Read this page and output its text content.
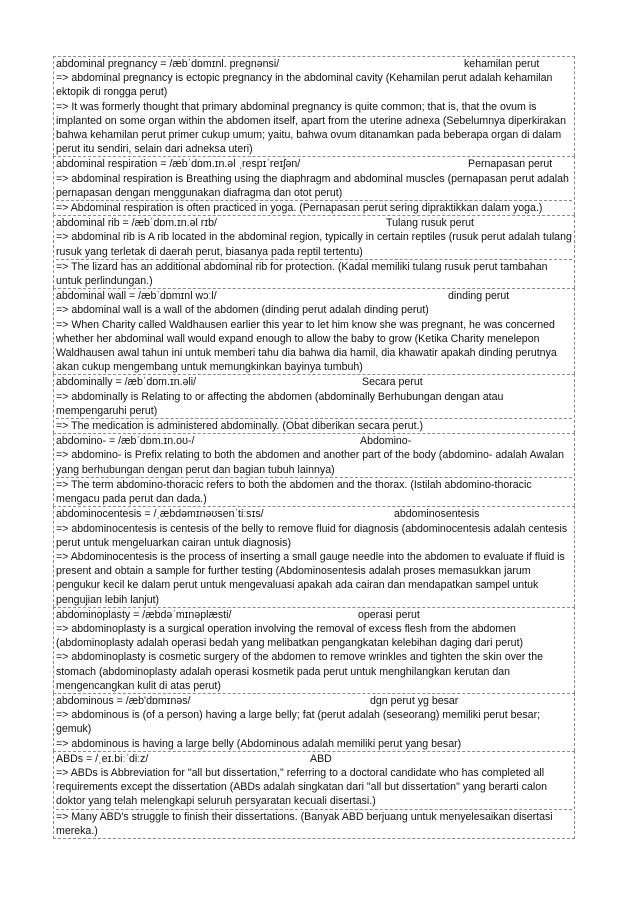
abdominal pregnancy = /æbˈdɒmɪnl. pregnənsi/	kehamilan perut
=> abdominal pregnancy is ectopic pregnancy in the abdominal cavity (Kehamilan perut adalah kehamilan ektopik di rongga perut)
=> It was formerly thought that primary abdominal pregnancy is quite common; that is, that the ovum is implanted on some organ within the abdomen itself, apart from the uterine adnexa (Sebelumnya diperkirakan bahwa kehamilan perut primer cukup umum; yaitu, bahwa ovum ditanamkan pada beberapa organ di dalam perut itu sendiri, selain dari adneksa uteri)
abdominal respiration = /æbˈdɒm.ɪn.əl ˌrespɪˈreɪʃən/	Pernapasan perut
=> abdominal respiration is Breathing using the diaphragm and abdominal muscles (pernapasan perut adalah pernapasan dengan menggunakan diafragma dan otot perut)
=> Abdominal respiration is often practiced in yoga. (Pernapasan perut sering dipraktikkan dalam yoga.)
abdominal rib = /æbˈdɒm.ɪn.əl rɪb/	Tulang rusuk perut
=> abdominal rib is A rib located in the abdominal region, typically in certain reptiles (rusuk perut adalah tulang rusuk yang terletak di daerah perut, biasanya pada reptil tertentu)
=> The lizard has an additional abdominal rib for protection. (Kadal memiliki tulang rusuk perut tambahan untuk perlindungan.)
abdominal wall = /æbˈdɒmɪnl wɔːl/	dinding perut
=> abdominal wall is a wall of the abdomen (dinding perut adalah dinding perut)
=> When Charity called Waldhausen earlier this year to let him know she was pregnant, he was concerned whether her abdominal wall would expand enough to allow the baby to grow (Ketika Charity menelepon Waldhausen awal tahun ini untuk memberi tahu dia bahwa dia hamil, dia khawatir apakah dinding perutnya akan cukup mengembang untuk memungkinkan bayinya tumbuh)
abdominally = /æbˈdɒm.ɪn.əli/	Secara perut
=> abdominally is Relating to or affecting the abdomen (abdominally Berhubungan dengan atau mempengaruhi perut)
=> The medication is administered abdominally. (Obat diberikan secara perut.)
abdomino- = /æbˈdɒm.ɪn.oʊ-/	Abdomino-
=> abdomino- is Prefix relating to both the abdomen and another part of the body (abdomino- adalah Awalan yang berhubungan dengan perut dan bagian tubuh lainnya)
=> The term abdomino-thoracic refers to both the abdomen and the thorax. (Istilah abdomino-thoracic mengacu pada perut dan dada.)
abdominocentesis = /ˌæbdəmɪnəʊsenˈtiːsɪs/	abdominosentesis
=> abdominocentesis is centesis of the belly to remove fluid for diagnosis (abdominocentesis adalah centesis perut untuk mengeluarkan cairan untuk diagnosis)
=> Abdominocentesis is the process of inserting a small gauge needle into the abdomen to evaluate if fluid is present and obtain a sample for further testing (Abdominosentesis adalah proses memasukkan jarum pengukur kecil ke dalam perut untuk mengevaluasi apakah ada cairan dan mendapatkan sampel untuk pengujian lebih lanjut)
abdominoplasty = /æbdəˈmɪnəplæsti/	operasi perut
=> abdominoplasty is a surgical operation involving the removal of excess flesh from the abdomen (abdominoplasty adalah operasi bedah yang melibatkan pengangkatan kelebihan daging dari perut)
=> abdominoplasty is cosmetic surgery of the abdomen to remove wrinkles and tighten the skin over the stomach (abdominoplasty adalah operasi kosmetik pada perut untuk menghilangkan kerutan dan mengencangkan kulit di atas perut)
abdominous = /æb'dɒmɪnəs/	dgn perut yg besar
=> abdominous is (of a person) having a large belly; fat (perut adalah (seseorang) memiliki perut besar; gemuk)
=> abdominous is having a large belly (Abdominous adalah memiliki perut yang besar)
ABDs = /ˌeɪ.biːˈdiːz/	ABD
=> ABDs is Abbreviation for "all but dissertation," referring to a doctoral candidate who has completed all requirements except the dissertation (ABDs adalah singkatan dari "all but dissertation" yang berarti calon doktor yang telah melengkapi seluruh persyaratan kecuali disertasi.)
=> Many ABD's struggle to finish their dissertations. (Banyak ABD berjuang untuk menyelesaikan disertasi mereka.)
